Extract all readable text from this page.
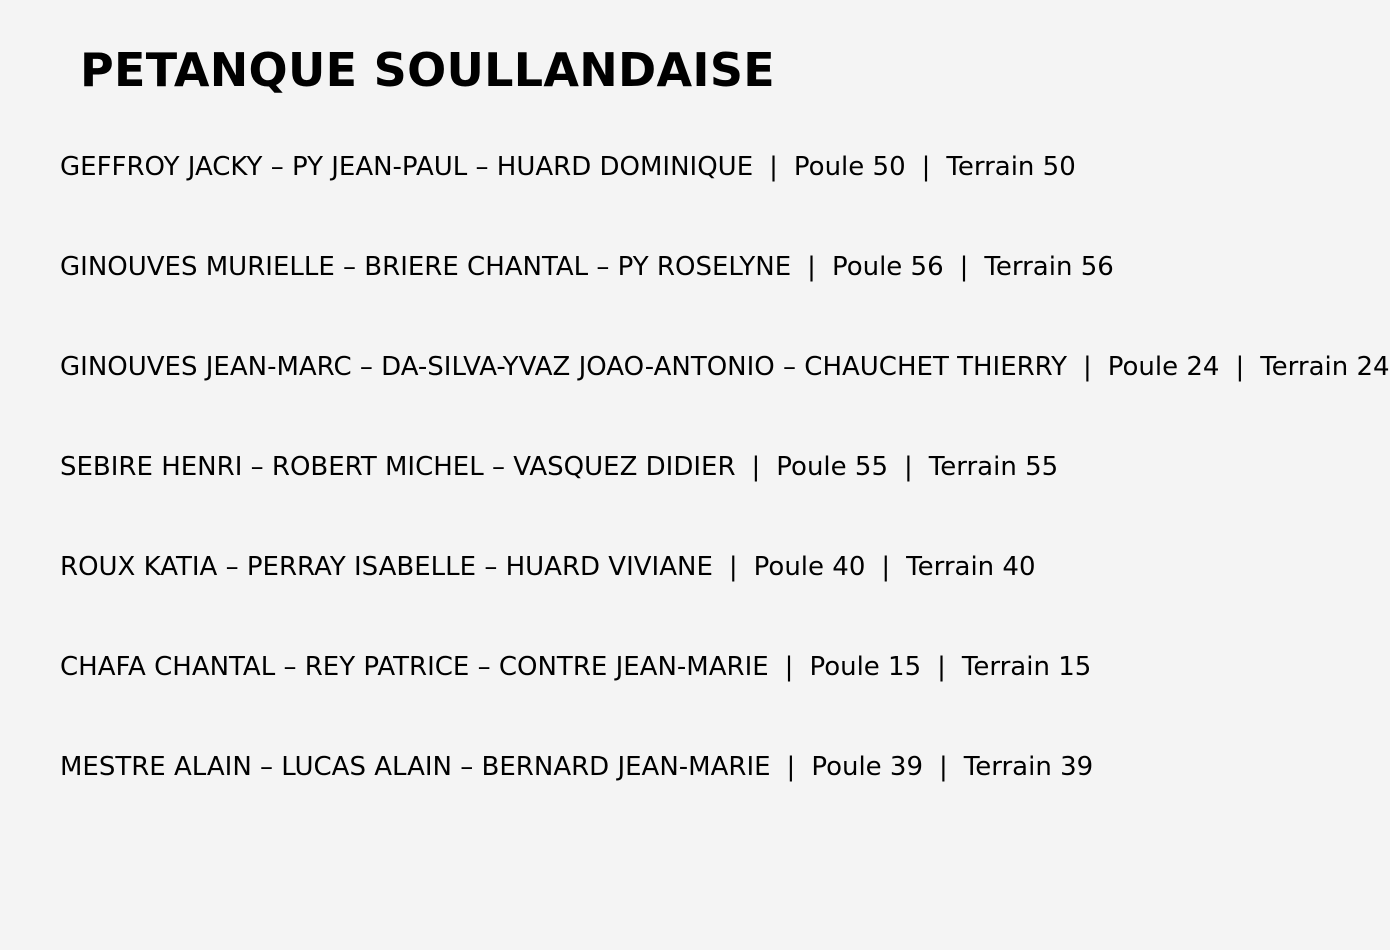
PETANQUE SOULLANDAISE
GEFFROY JACKY – PY JEAN-PAUL – HUARD DOMINIQUE | Poule 50 | Terrain 50
GINOUVES MURIELLE – BRIERE CHANTAL – PY ROSELYNE | Poule 56 | Terrain 56
GINOUVES JEAN-MARC – DA-SILVA-YVAZ JOAO-ANTONIO – CHAUCHET THIERRY | Poule 24 | Terrain 24
SEBIRE HENRI – ROBERT MICHEL – VASQUEZ DIDIER | Poule 55 | Terrain 55
ROUX KATIA – PERRAY ISABELLE – HUARD VIVIANE | Poule 40 | Terrain 40
CHAFA CHANTAL – REY PATRICE – CONTRE JEAN-MARIE | Poule 15 | Terrain 15
MESTRE ALAIN – LUCAS ALAIN – BERNARD JEAN-MARIE | Poule 39 | Terrain 39
